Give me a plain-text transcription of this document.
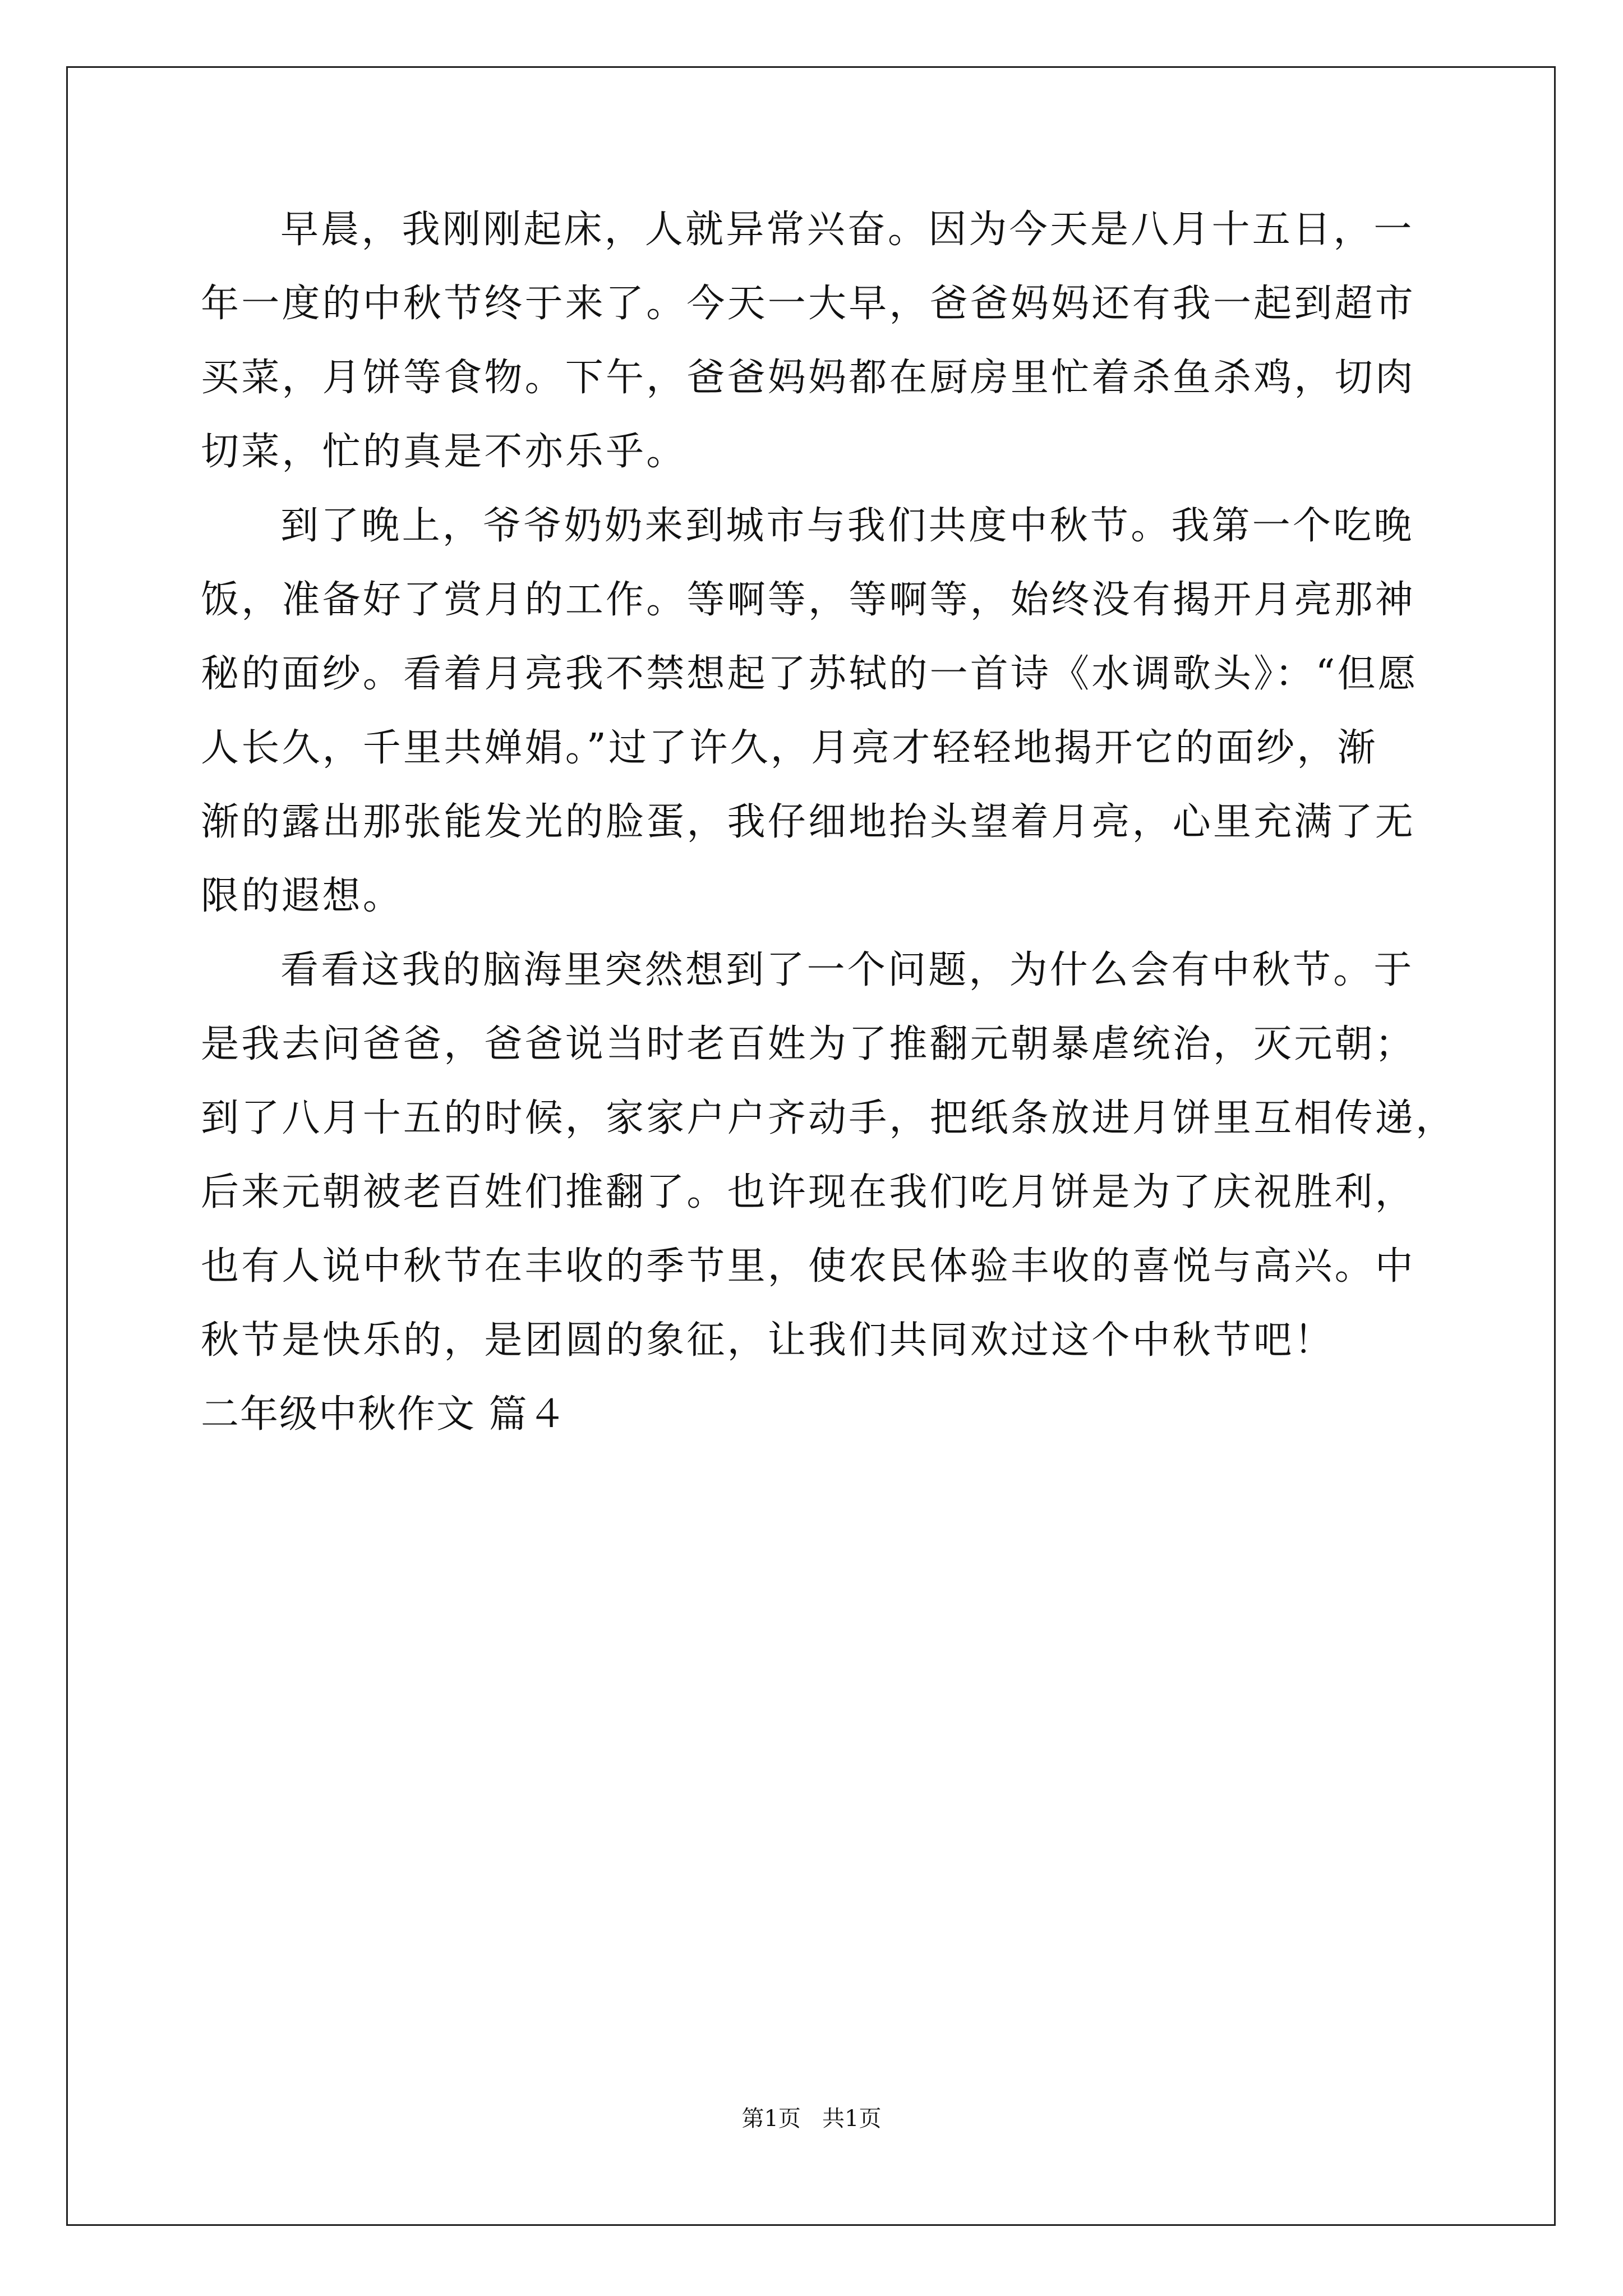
早晨，我刚刚起床，人就异常兴奋。因为今天是八月十五日，一
年一度的中秋节终于来了。今天一大早，爸爸妈妈还有我一起到超市
买菜，月饼等食物。下午，爸爸妈妈都在厨房里忙着杀鱼杀鸡，切肉
切菜，忙的真是不亦乐乎。
到了晚上，爷爷奶奶来到城市与我们共度中秋节。我第一个吃晚
饭，准备好了赏月的工作。等啊等，等啊等，始终没有揭开月亮那神
秘的面纱。看着月亮我不禁想起了苏轼的一首诗《水调歌头》：“但愿
人长久，千里共婵娟。”过了许久，月亮才轻轻地揭开它的面纱，渐
渐的露出那张能发光的脸蛋，我仔细地抬头望着月亮，心里充满了无
限的遐想。
看看这我的脑海里突然想到了一个问题，为什么会有中秋节。于
是我去问爸爸，爸爸说当时老百姓为了推翻元朝暴虐统治，灭元朝；
到了八月十五的时候，家家户户齐动手，把纸条放进月饼里互相传递，
后来元朝被老百姓们推翻了。也许现在我们吃月饼是为了庆祝胜利，
也有人说中秋节在丰收的季节里，使农民体验丰收的喜悦与高兴。中
秋节是快乐的，是团圆的象征，让我们共同欢过这个中秋节吧！
二年级中秋作文 篇４
第1页   共1页
